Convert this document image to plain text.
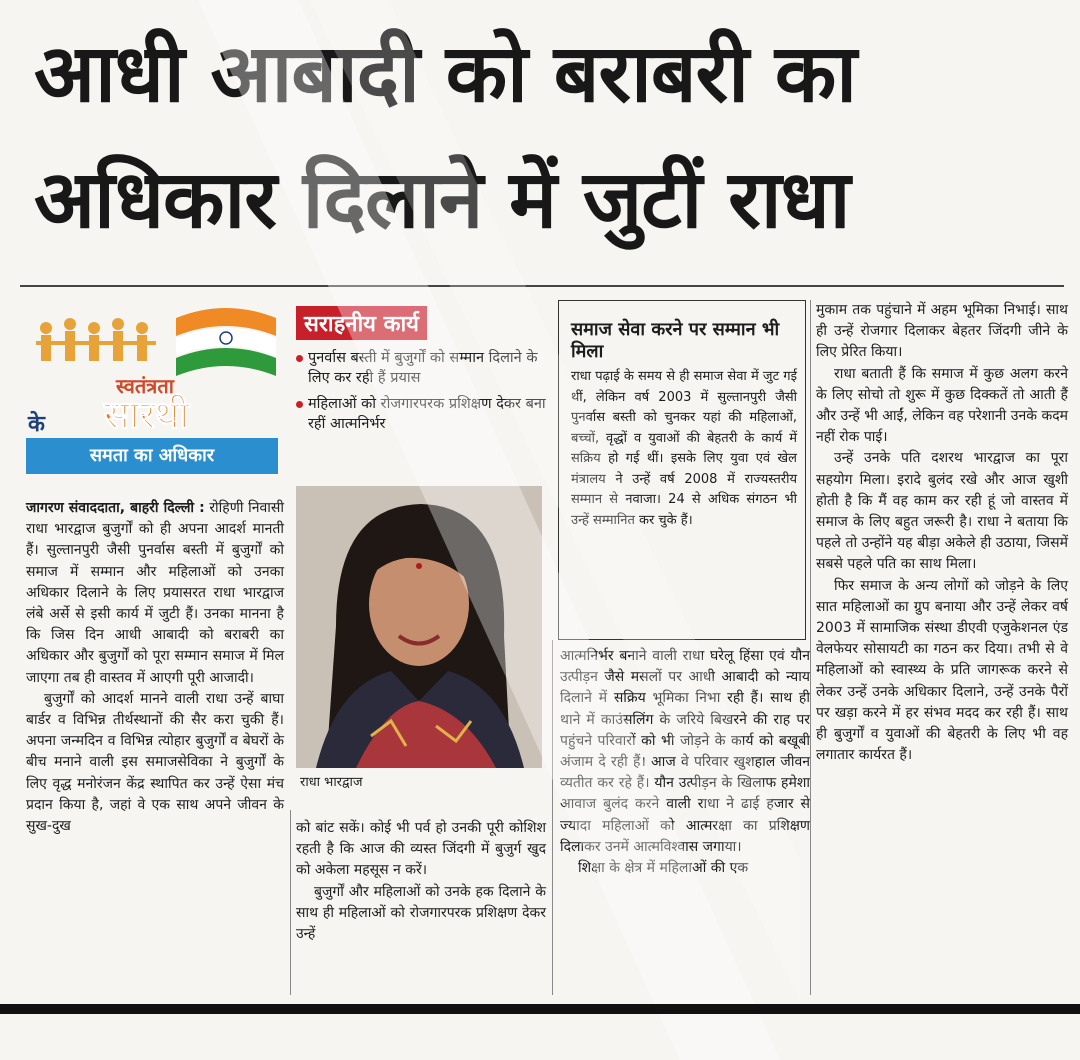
आधी आबादी को बराबरी का
अधिकार दिलाने में जुटीं राधा
स्वतंत्रता
के सारथी
समता का अधिकार
सराहनीय कार्य
पुनर्वास बस्ती में बुजुर्गों को सम्मान दिलाने के लिए कर रही हैं प्रयास
महिलाओं को रोजगारपरक प्रशिक्षण देकर बना रहीं आत्मनिर्भर
राधा भारद्वाज
समाज सेवा करने पर सम्मान भी मिला
राधा पढ़ाई के समय से ही समाज सेवा में जुट गई थीं, लेकिन वर्ष 2003 में सुल्तानपुरी जैसी पुनर्वास बस्ती को चुनकर यहां की महिलाओं, बच्चों, वृद्धों व युवाओं की बेहतरी के कार्य में सक्रिय हो गई थीं। इसके लिए युवा एवं खेल मंत्रालय ने उन्हें वर्ष 2008 में राज्यस्तरीय सम्मान से नवाजा। 24 से अधिक संगठन भी उन्हें सम्मानित कर चुके हैं।

जागरण संवाददाता, बाहरी दिल्ली : रोहिणी निवासी राधा भारद्वाज बुजुर्गों को ही अपना आदर्श मानती हैं। सुल्तानपुरी जैसी पुनर्वास बस्ती में बुजुर्गों को समाज में सम्मान और महिलाओं को उनका अधिकार दिलाने के लिए प्रयासरत राधा भारद्वाज लंबे अर्से से इसी कार्य में जुटी हैं। उनका मानना है कि जिस दिन आधी आबादी को बराबरी का अधिकार और बुजुर्गों को पूरा सम्मान समाज में मिल जाएगा तब ही वास्तव में आएगी पूरी आजादी।

बुजुर्गों को आदर्श मानने वाली राधा उन्हें बाघा बार्डर व विभिन्न तीर्थस्थानों की सैर करा चुकी हैं। अपना जन्मदिन व विभिन्न त्योहार बुजुर्गों व बेघरों के बीच मनाने वाली इस समाजसेविका ने बुजुर्गों के लिए वृद्ध मनोरंजन केंद्र स्थापित कर उन्हें ऐसा मंच प्रदान किया है, जहां वे एक साथ अपने जीवन के सुख-दुख	को बांट सकें। कोई भी पर्व हो उनकी पूरी कोशिश रहती है कि आज की व्यस्त जिंदगी में बुजुर्ग खुद को अकेला महसूस न करें।

बुजुर्गों और महिलाओं को उनके हक दिलाने के साथ ही महिलाओं को रोजगारपरक प्रशिक्षण देकर उन्हें

आत्मनिर्भर बनाने वाली राधा घरेलू हिंसा एवं यौन उत्पीड़न जैसे मसलों पर आधी आबादी को न्याय दिलाने में सक्रिय भूमिका निभा रही हैं। साथ ही थाने में काउंसलिंग के जरिये बिखरने की राह पर पहुंचने परिवारों को भी जोड़ने के कार्य को बखूबी अंजाम दे रही हैं। आज वे परिवार खुशहाल जीवन व्यतीत कर रहे हैं। यौन उत्पीड़न के खिलाफ हमेशा आवाज बुलंद करने वाली राधा ने ढाई हजार से ज्यादा महिलाओं को आत्मरक्षा का प्रशिक्षण दिलाकर उनमें आत्मविश्वास जगाया।

शिक्षा के क्षेत्र में महिलाओं की एक

मुकाम तक पहुंचाने में अहम भूमिका निभाई। साथ ही उन्हें रोजगार दिलाकर बेहतर जिंदगी जीने के लिए प्रेरित किया।

राधा बताती हैं कि समाज में कुछ अलग करने के लिए सोचो तो शुरू में कुछ दिक्कतें तो आती हैं और उन्हें भी आईं, लेकिन वह परेशानी उनके कदम नहीं रोक पाई।

उन्हें उनके पति दशरथ भारद्वाज का पूरा सहयोग मिला। इरादे बुलंद रखे और आज खुशी होती है कि मैं वह काम कर रही हूं जो वास्तव में समाज के लिए बहुत जरूरी है। राधा ने बताया कि पहले तो उन्होंने यह बीड़ा अकेले ही उठाया, जिसमें सबसे पहले पति का साथ मिला।

फिर समाज के अन्य लोगों को जोड़ने के लिए सात महिलाओं का ग्रुप बनाया और उन्हें लेकर वर्ष 2003 में सामाजिक संस्था डीएवी एजुकेशनल एंड वेलफेयर सोसायटी का गठन कर दिया। तभी से वे महिलाओं को स्वास्थ्य के प्रति जागरूक करने से लेकर उन्हें उनके अधिकार दिलाने, उन्हें उनके पैरों पर खड़ा करने में हर संभव मदद कर रही हैं। साथ ही बुजुर्गों व युवाओं की बेहतरी के लिए भी वह लगातार कार्यरत हैं।
